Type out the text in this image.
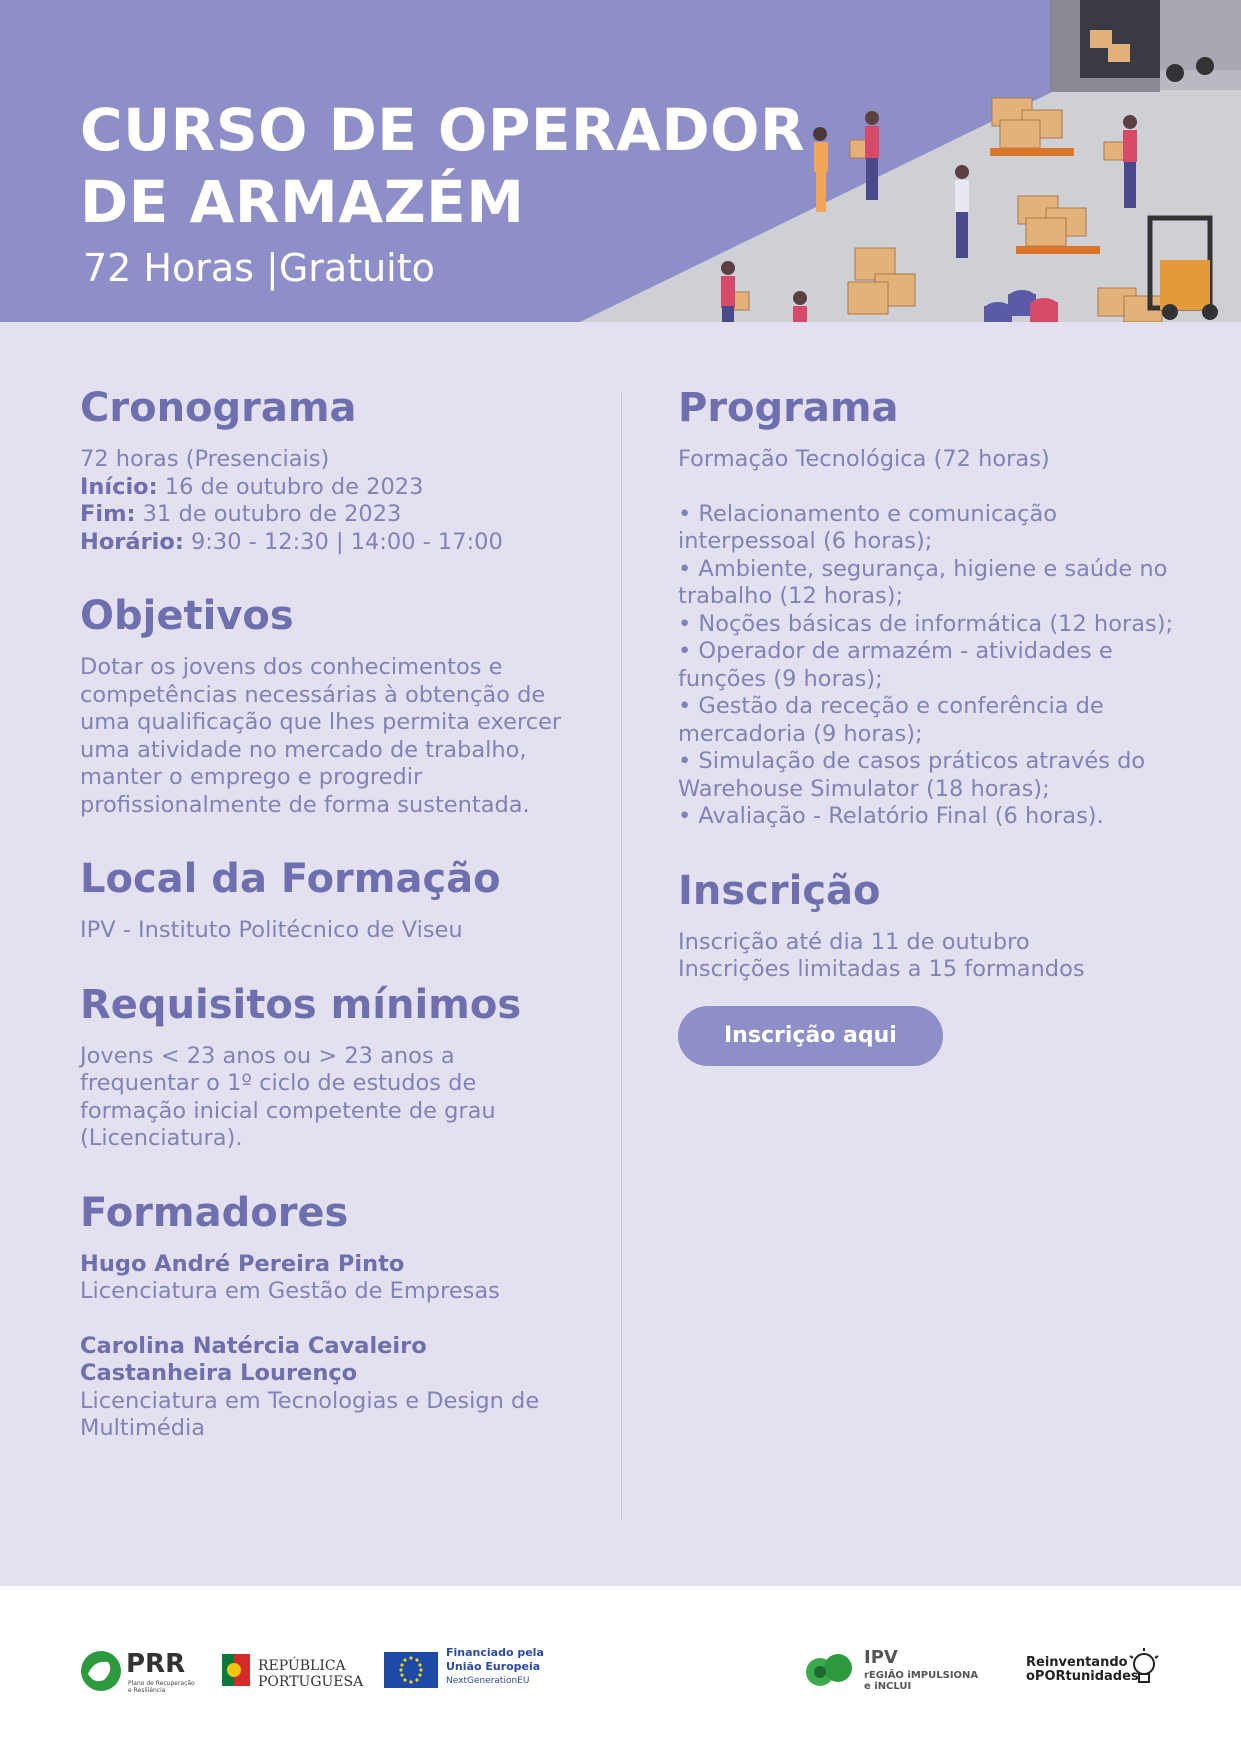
CURSO DE OPERADOR
DE ARMAZÉM
72 Horas |Gratuito
Cronograma

72 horas (Presenciais)

Início: 16 de outubro de 2023

Fim: 31 de outubro de 2023

Horário: 9:30 - 12:30 | 14:00 - 17:00

Objetivos

Dotar os jovens dos conhecimentos e competências necessárias à obtenção de uma qualificação que lhes permita exercer uma atividade no mercado de trabalho, manter o emprego e progredir profissionalmente de forma sustentada.

Local da Formação

IPV - Instituto Politécnico de Viseu

Requisitos mínimos

Jovens < 23 anos ou > 23 anos a frequentar o 1º ciclo de estudos de formação inicial competente de grau (Licenciatura).

Formadores

Hugo André Pereira Pinto

Licenciatura em Gestão de Empresas

Carolina Natércia Cavaleiro Castanheira Lourenço

Licenciatura em Tecnologias e Design de Multimédia

Programa

Formação Tecnológica (72 horas)

• Relacionamento e comunicação interpessoal (6 horas);

• Ambiente, segurança, higiene e saúde no trabalho (12 horas);

• Noções básicas de informática (12 horas);

• Operador de armazém - atividades e funções (9 horas);

• Gestão da receção e conferência de mercadoria (9 horas);

• Simulação de casos práticos através do Warehouse Simulator (18 horas);

• Avaliação - Relatório Final (6 horas).

Inscrição

Inscrição até dia 11 de outubro

Inscrições limitadas a 15 formandos

Inscrição aqui
PRR
Plano de Recuperação
e Resiliência
REPÚBLICA
PORTUGUESA
Financiado pela
União Europeia
NextGenerationEU
IPV
rEGIÃO iMPULSIONA
e iNCLUI
Reinventando
oPORtunidades
